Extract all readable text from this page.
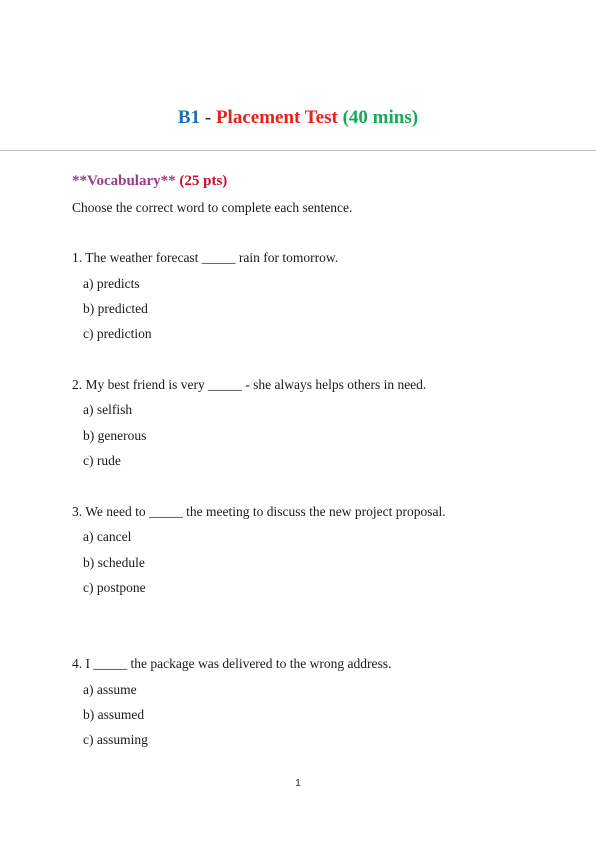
B1 - Placement Test (40 mins)
**Vocabulary** (25 pts)
Choose the correct word to complete each sentence.
1. The weather forecast _____ rain for tomorrow.
a) predicts
b) predicted
c) prediction
2. My best friend is very _____ - she always helps others in need.
a) selfish
b) generous
c) rude
3. We need to _____ the meeting to discuss the new project proposal.
a) cancel
b) schedule
c) postpone
4. I _____ the package was delivered to the wrong address.
a) assume
b) assumed
c) assuming
1
